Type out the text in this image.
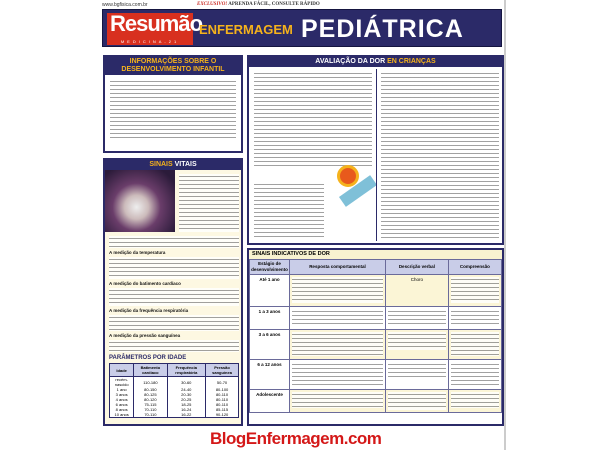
www.bgfisica.com.br	EXCLUSIVO! APRENDA FÁCIL, CONSULTE RÁPIDO
Resumão
MEDICINA-21
ENFERMAGEM PEDIÁTRICA
INFORMAÇÕES SOBRE O DESENVOLVIMENTO INFANTIL
SINAIS VITAIS
A medição da temperatura
A medição do batimento cardíaco
A medição da frequência respiratória
A medição da pressão sanguínea
PARÂMETROS POR IDADE
Idade	Batimento cardíaco	Frequência respiratória	Pressão sanguínea
recém-nascido	110-180	30-60	50-70
1 ano	80-150	24-40	80-100
3 anos	80-125	20-30	80-110
4 anos	80-120	20-25	80-110
6 anos	75-115	18-25	80-110
8 anos	70-110	16-24	85-115
10 anos	70-110	16-22	90-120
AVALIAÇÃO DA DOR EN CRIANÇAS
SINAIS INDICATIVOS DE DOR
Estágio de desenvolvimento	Resposta comportamental	Descrição verbal	Compreensão
Até 1 ano		Choro	

1 a 3 anos	

3 a 6 anos	

6 a 12 anos	

Adolescente	

BlogEnfermagem.com
